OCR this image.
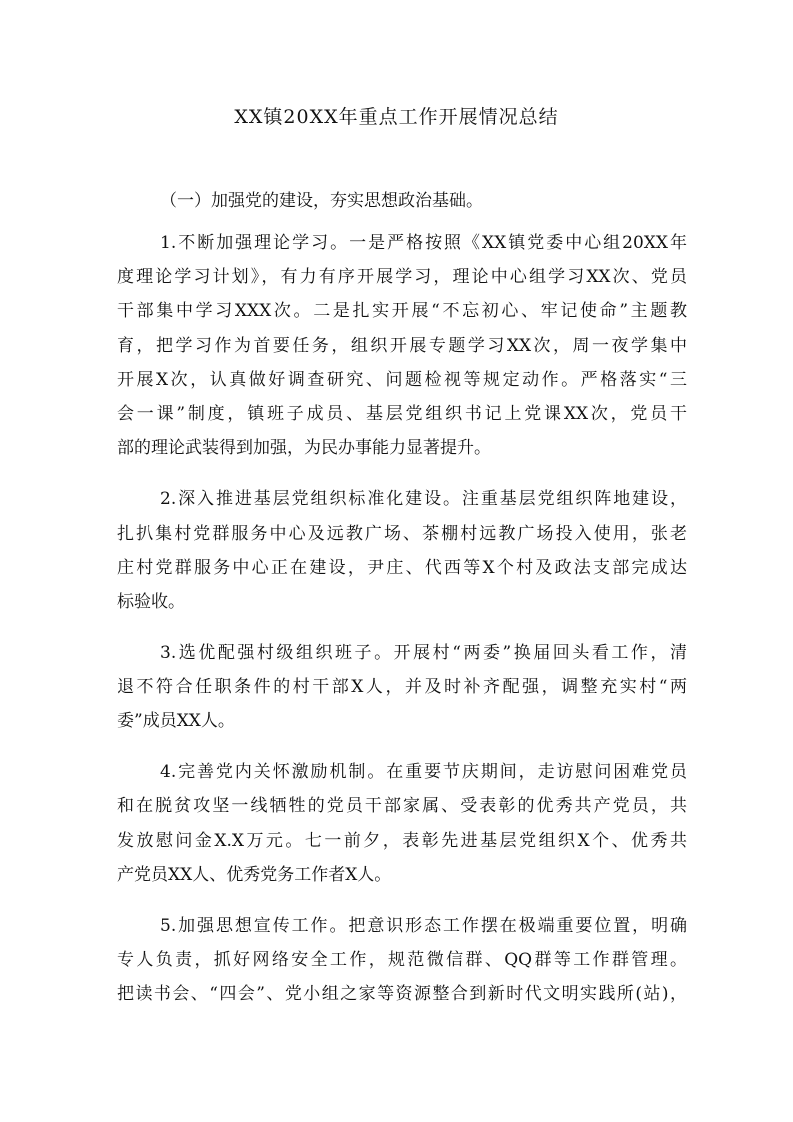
XX镇20XX年重点工作开展情况总结
（一）加强党的建设，夯实思想政治基础。
1.不断加强理论学习。一是严格按照《XX镇党委中心组20XX年
度理论学习计划》，有力有序开展学习，理论中心组学习XX次、党员
干部集中学习XXX次。二是扎实开展“不忘初心、牢记使命”主题教
育，把学习作为首要任务，组织开展专题学习XX次，周一夜学集中
开展X次，认真做好调查研究、问题检视等规定动作。严格落实“三
会一课”制度，镇班子成员、基层党组织书记上党课XX次，党员干
部的理论武装得到加强，为民办事能力显著提升。
2.深入推进基层党组织标准化建设。注重基层党组织阵地建设，
扎扒集村党群服务中心及远教广场、茶棚村远教广场投入使用，张老
庄村党群服务中心正在建设，尹庄、代西等X个村及政法支部完成达
标验收。
3.选优配强村级组织班子。开展村“两委”换届回头看工作，清
退不符合任职条件的村干部X人，并及时补齐配强，调整充实村“两
委”成员XX人。
4.完善党内关怀激励机制。在重要节庆期间，走访慰问困难党员
和在脱贫攻坚一线牺牲的党员干部家属、受表彰的优秀共产党员，共
发放慰问金X.X万元。七一前夕，表彰先进基层党组织X个、优秀共
产党员XX人、优秀党务工作者X人。
5.加强思想宣传工作。把意识形态工作摆在极端重要位置，明确
专人负责，抓好网络安全工作，规范微信群、QQ群等工作群管理。
把读书会、“四会”、党小组之家等资源整合到新时代文明实践所(站)，
